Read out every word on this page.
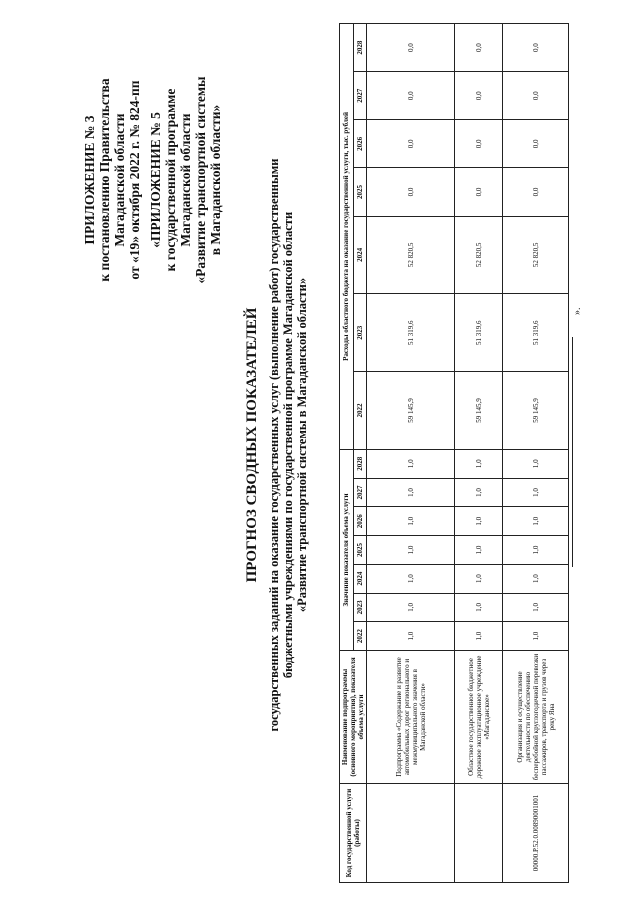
ПРИЛОЖЕНИЕ № 3 к постановлению Правительства Магаданской области от «19» октября 2022 г. № 824-пп «ПРИЛОЖЕНИЕ № 5 к государственной программе Магаданской области «Развитие транспортной системы в Магаданской области»
ПРОГНОЗ СВОДНЫХ ПОКАЗАТЕЛЕЙ государственных заданий на оказание государственных услуг (выполнение работ) государственными бюджетными учреждениями по государственной программе Магаданской области «Развитие транспортной системы в Магаданской области»
Код государственной услуги (работы)	Наименование подпрограммы (основного мероприятия), показателя объема услуги	Значение показателя объема услуги							Расходы областного бюджета на оказание государственной услуги, тыс. рублей						
		2022	2023	2024	2025	2026	2027	2028	2022	2023	2024	2025	2026	2027	2028
	Подпрограмма «Содержание и развитие автомобильных дорог регионального и межмуниципального значения в Магаданской области»	1,0	1,0	1,0	1,0	1,0	1,0	1,0	59 145,9	51 319,6	52 820,5	0,0	0,0	0,0	0,0
	Областное государственное бюджетное дорожное эксплуатационное учреждение «Магаданское»	1,0	1,0	1,0	1,0	1,0	1,0	1,0	59 145,9	51 319,6	52 820,5	0,0	0,0	0,0	0,0
00000.Р.52.0.00890001001	Организация и осуществление деятельности по обеспечению бесперебойной круглогодичной перевозки пассажиров, транспорта и грузов через реку Яна	1,0	1,0	1,0	1,0	1,0	1,0	1,0	59 145,9	51 319,6	52 820,5	0,0	0,0	0,0	0,0
».
